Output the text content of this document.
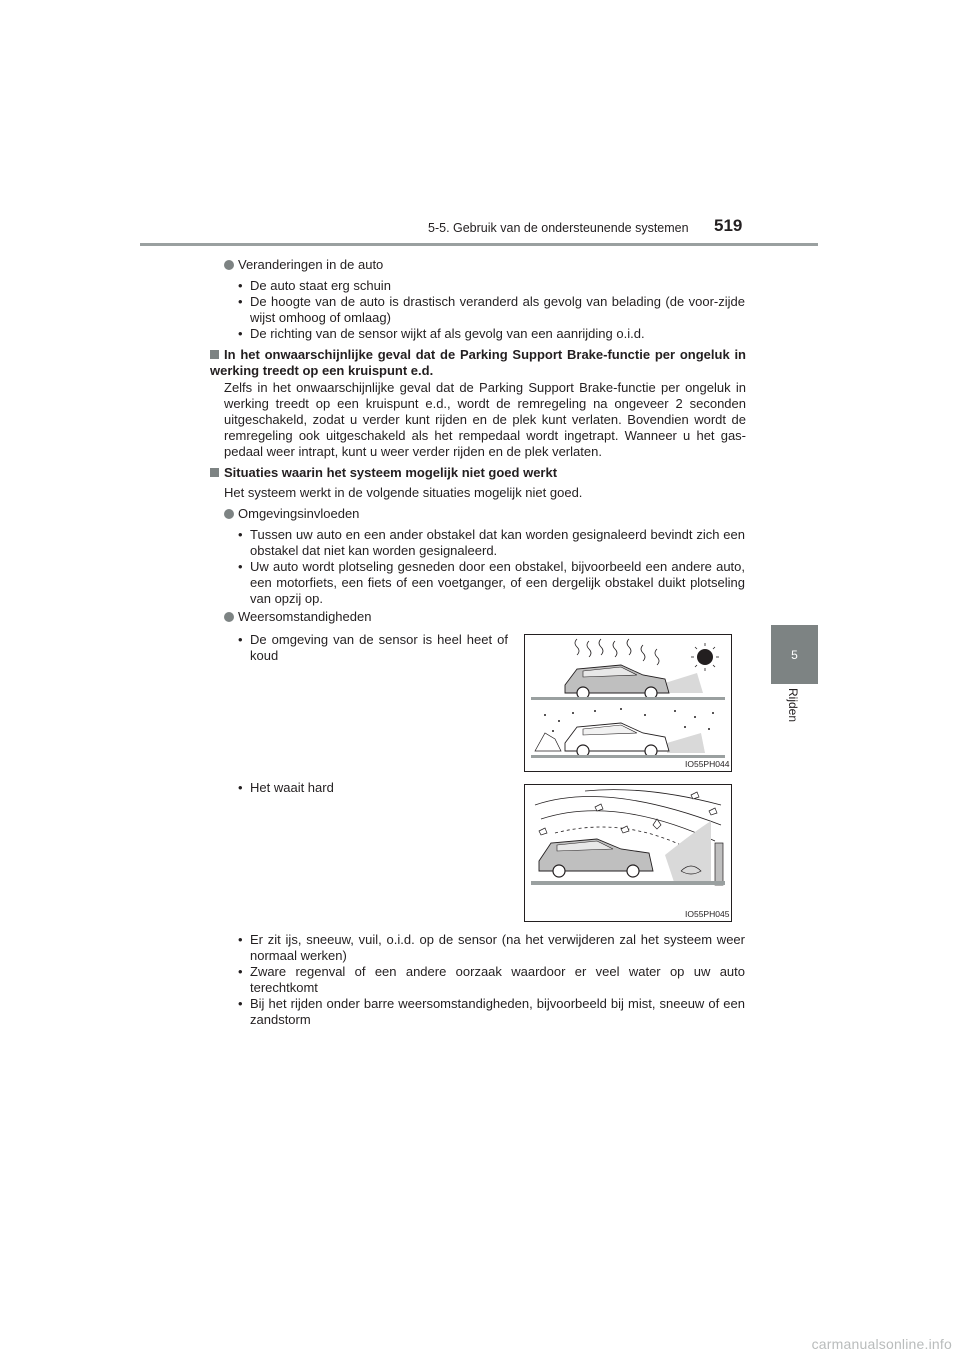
5-5. Gebruik van de ondersteunende systemen 519
5
Rijden
Veranderingen in de auto
• De auto staat erg schuin
• De hoogte van de auto is drastisch veranderd als gevolg van belading (de voor-zijde wijst omhoog of omlaag)
• De richting van de sensor wijkt af als gevolg van een aanrijding o.i.d.
In het onwaarschijnlijke geval dat de Parking Support Brake-functie per ongeluk in werking treedt op een kruispunt e.d.
Zelfs in het onwaarschijnlijke geval dat de Parking Support Brake-functie per ongeluk in werking treedt op een kruispunt e.d., wordt de remregeling na ongeveer 2 seconden uitgeschakeld, zodat u verder kunt rijden en de plek kunt verlaten. Bovendien wordt de remregeling ook uitgeschakeld als het rempedaal wordt ingetrapt. Wanneer u het gas-pedaal weer intrapt, kunt u weer verder rijden en de plek verlaten.
Situaties waarin het systeem mogelijk niet goed werkt
Het systeem werkt in de volgende situaties mogelijk niet goed.
Omgevingsinvloeden
• Tussen uw auto en een ander obstakel dat kan worden gesignaleerd bevindt zich een obstakel dat niet kan worden gesignaleerd.
• Uw auto wordt plotseling gesneden door een obstakel, bijvoorbeeld een andere auto, een motorfiets, een fiets of een voetganger, of een dergelijk obstakel duikt plotseling van opzij op.
Weersomstandigheden
• De omgeving van de sensor is heel heet of koud
• Het waait hard
IO55PH044
IO55PH045
• Er zit ijs, sneeuw, vuil, o.i.d. op de sensor (na het verwijderen zal het systeem weer normaal werken)
• Zware regenval of een andere oorzaak waardoor er veel water op uw auto terechtkomt
• Bij het rijden onder barre weersomstandigheden, bijvoorbeeld bij mist, sneeuw of een zandstorm
carmanualsonline.info
